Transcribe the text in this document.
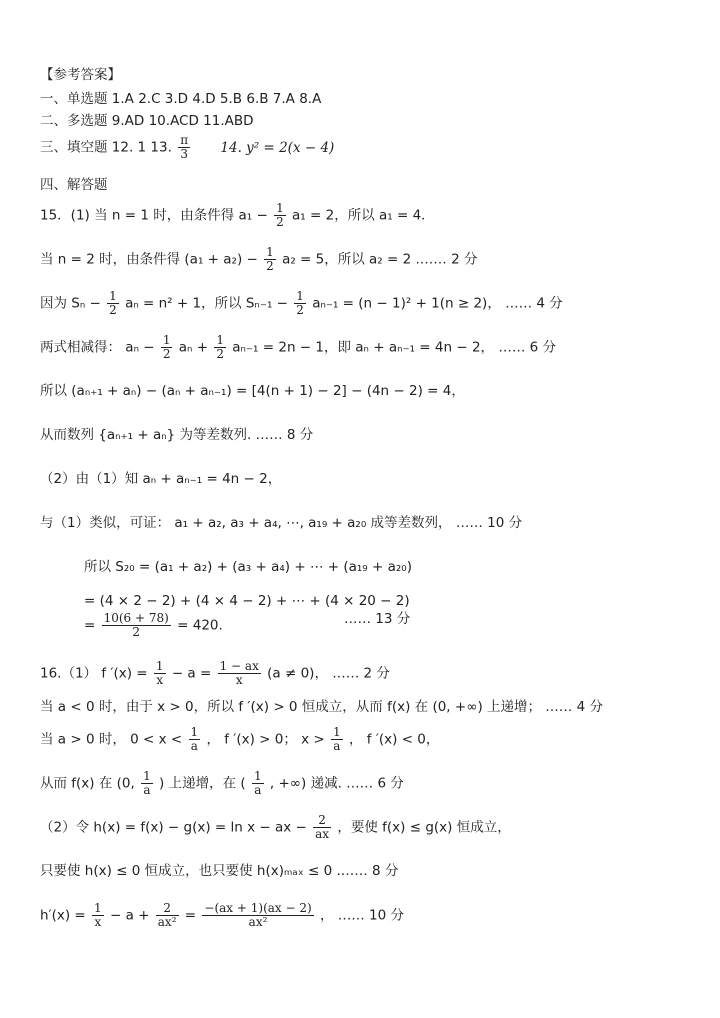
【参考答案】
一、单选题 1.A 2.C 3.D 4.D 5.B 6.B 7.A 8.A
二、多选题 9.AD 10.ACD 11.ABD
三、填空题 12. 1 13. $\frac{\pi}{3} 14$. y² = 2(x − 4)
四、解答题
15．(1) 当 n = 1 时，由条件得 $a_1 - \frac{1}{2} a_1 = 2$，所以 a₁ = 4．
当 n = 2 时，由条件得 $(a_1 + a_2) - \frac{1}{2} a_2 = 5$，所以 a₂ = 2 .…… 2 分
因为 $S_n - \frac{1}{2}$ aₙ = n² + 1，所以 $S_{n-1} - \frac{1}{2} a_{n-1} = (n - 1)^2 + 1(n \ge 2)$， …… 4 分
两式相减得： $a_n - \frac{1}{2}$ $a_n + \frac{1}{2} a_{n-1} = 2n - 1$，即 aₙ + aₙ₋₁ = 4n − 2， …… 6 分
所以 (aₙ₊₁ + aₙ) − (aₙ + aₙ₋₁) = [4(n + 1) − 2] − (4n − 2) = 4，
从而数列 {aₙ₊₁ + aₙ} 为等差数列. …… 8 分
（2）由（1）知 aₙ + aₙ₋₁ = 4n − 2，
与（1）类似，可证： a₁ + a₂, a₃ + a₄, ⋯, a₁₉ + a₂₀ 成等差数列， …… 10 分
所以 S₂₀ = (a₁ + a₂) + (a₃ + a₄) + ⋯ + (a₁₉ + a₂₀)
= (4 × 2 − 2) + (4 × 4 − 2) + ⋯ + (4 × 20 − 2)
= $\frac{10(6 + 78)}{2} = 420$.	…… 13 分
16.（1） f $'(x) = \frac{1}{x} - a = \frac{1 - ax}{x} (a \ne 0)$， …… 2 分
当 a < 0 时，由于 x > 0，所以 f ′(x) > 0 恒成立，从而 f(x) 在 (0, +∞) 上递增； …… 4 分
当 a > 0 时， $0 < x < \frac{1}{a}$ ， f ′(x) > 0； $x > \frac{1}{a}$ ， f ′(x) < 0，
从而 f(x) 在 (0, $\frac{1}{a}$ ) 上递增，在 ( $\frac{1}{a}$ , +∞) 递减. …… 6 分
（2）令 h(x) = f(x) − g(x) = ln x − ax − $\frac{2}{ax}$ ，要使 f(x) ≤ g(x) 恒成立，
只要使 h(x) ≤ 0 恒成立，也只要使 h(x)ₘₐₓ ≤ 0 .…… 8 分
$h'(x) = \frac{1}{x} - a + \frac{2}{\text{ax²}} = \frac{-(ax + 1)(ax - 2)}{\text{ax²}}$ ， …… 10 分
